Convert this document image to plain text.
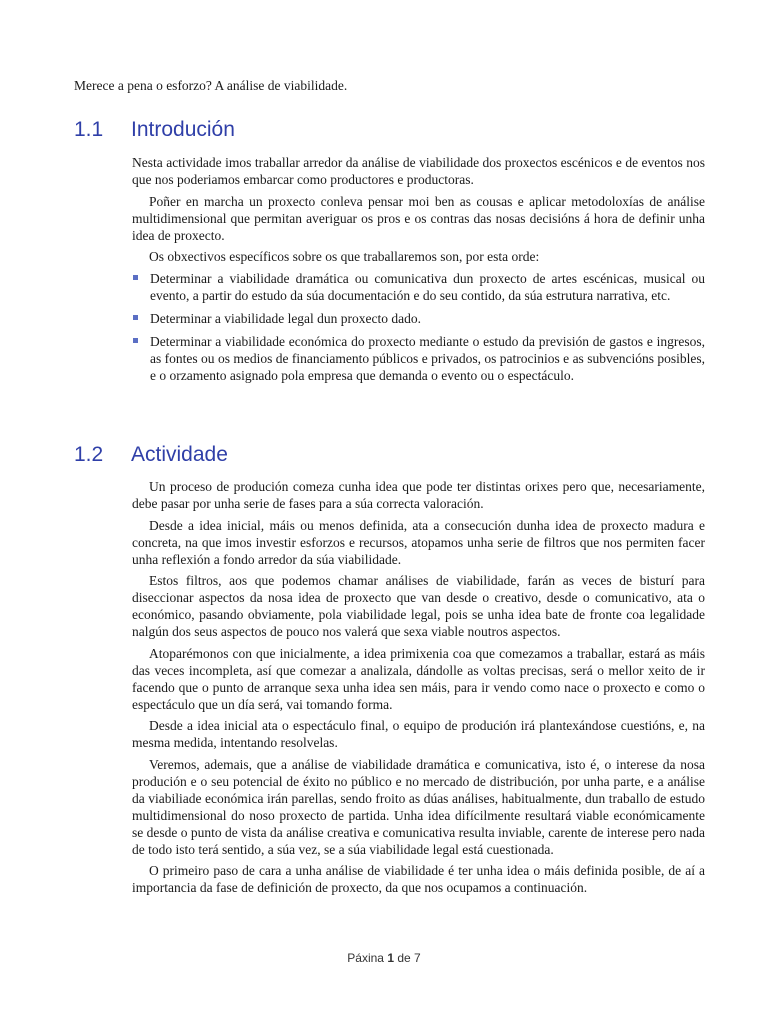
Merece a pena o esforzo? A análise de viabilidade.
1.1 Introdución

Nesta actividade imos traballar arredor da análise de viabilidade dos proxectos escénicos e de eventos nos que nos poderiamos embarcar como productores e productoras.

Poñer en marcha un proxecto conleva pensar moi ben as cousas e aplicar metodoloxías de análise multidimensional que permitan averiguar os pros e os contras das nosas decisións á hora de definir unha idea de proxecto.

Os obxectivos específicos sobre os que traballaremos son, por esta orde:

Determinar a viabilidade dramática ou comunicativa dun proxecto de artes escénicas, musical ou evento, a partir do estudo da súa documentación e do seu contido, da súa estrutura narrativa, etc.
Determinar a viabilidade legal dun proxecto dado.
Determinar a viabilidade económica do proxecto mediante o estudo da previsión de gastos e ingresos, as fontes ou os medios de financiamento públicos e privados, os patrocinios e as subvencións posibles, e o orzamento asignado pola empresa que demanda o evento ou o espectáculo.
1.2 Actividade

Un proceso de produción comeza cunha idea que pode ter distintas orixes pero que, necesariamente, debe pasar por unha serie de fases para a súa correcta valoración.

Desde a idea inicial, máis ou menos definida, ata a consecución dunha idea de proxecto madura e concreta, na que imos investir esforzos e recursos, atopamos unha serie de filtros que nos permiten facer unha reflexión a fondo arredor da súa viabilidade.

Estos filtros, aos que podemos chamar análises de viabilidade, farán as veces de bisturí para diseccionar aspectos da nosa idea de proxecto que van desde o creativo, desde o comunicativo, ata o económico, pasando obviamente, pola viabilidade legal, pois se unha idea bate de fronte coa legalidade nalgún dos seus aspectos de pouco nos valerá que sexa viable noutros aspectos.

Atoparémonos con que inicialmente, a idea primixenia coa que comezamos a traballar, estará as máis das veces incompleta, así que comezar a analizala, dándolle as voltas precisas, será o mellor xeito de ir facendo que o punto de arranque sexa unha idea sen máis, para ir vendo como nace o proxecto e como o espectáculo que un día será, vai tomando forma.

Desde a idea inicial ata o espectáculo final, o equipo de produción irá plantexándose cuestións, e, na mesma medida, intentando resolvelas.

Veremos, ademais, que a análise de viabilidade dramática e comunicativa, isto é, o interese da nosa produción e o seu potencial de éxito no público e no mercado de distribución, por unha parte, e a análise da viabiliade económica irán parellas, sendo froito as dúas análises, habitualmente, dun traballo de estudo multidimensional do noso proxecto de partida. Unha idea difícilmente resultará viable económicamente se desde o punto de vista da análise creativa e comunicativa resulta inviable, carente de interese pero nada de todo isto terá sentido, a súa vez, se a súa viabilidade legal está cuestionada.

O primeiro paso de cara a unha análise de viabilidade é ter unha idea o máis definida posible, de aí a importancia da fase de definición de proxecto, da que nos ocupamos a continuación.

Páxina 1 de 7
